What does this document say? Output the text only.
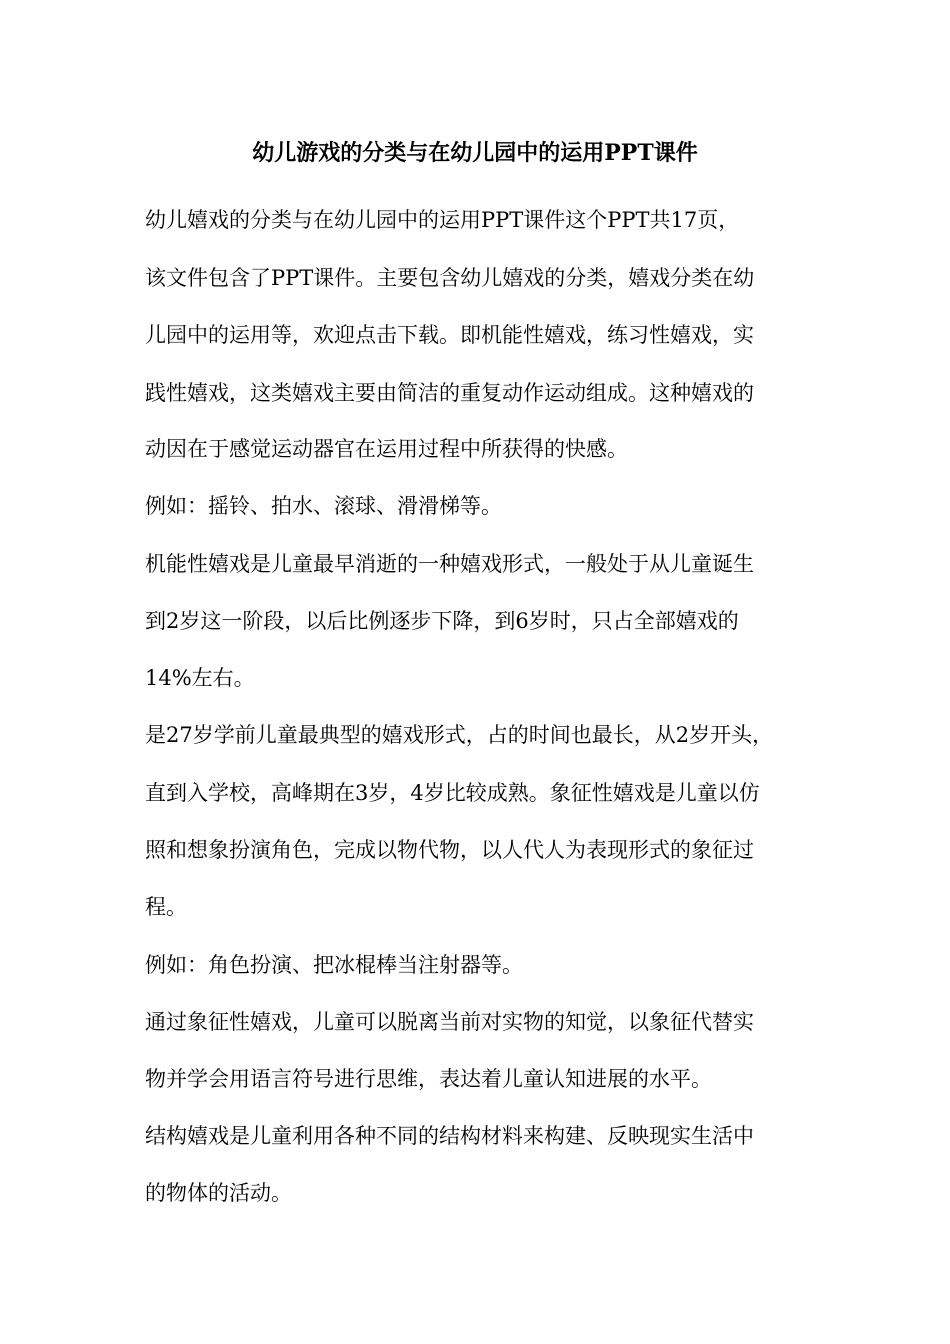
幼儿游戏的分类与在幼儿园中的运用PPT课件
幼儿嬉戏的分类与在幼儿园中的运用PPT课件这个PPT共17页，
该文件包含了PPT课件。主要包含幼儿嬉戏的分类，嬉戏分类在幼
儿园中的运用等，欢迎点击下载。即机能性嬉戏，练习性嬉戏，实
践性嬉戏，这类嬉戏主要由简洁的重复动作运动组成。这种嬉戏的
动因在于感觉运动器官在运用过程中所获得的快感。
例如：摇铃、拍水、滚球、滑滑梯等。
机能性嬉戏是儿童最早消逝的一种嬉戏形式，一般处于从儿童诞生
到2岁这一阶段，以后比例逐步下降，到6岁时，只占全部嬉戏的
14%左右。
是27岁学前儿童最典型的嬉戏形式，占的时间也最长，从2岁开头，
直到入学校，高峰期在3岁，4岁比较成熟。象征性嬉戏是儿童以仿
照和想象扮演角色，完成以物代物，以人代人为表现形式的象征过
程。
例如：角色扮演、把冰棍棒当注射器等。
通过象征性嬉戏，儿童可以脱离当前对实物的知觉，以象征代替实
物并学会用语言符号进行思维，表达着儿童认知进展的水平。
结构嬉戏是儿童利用各种不同的结构材料来构建、反映现实生活中
的物体的活动。
